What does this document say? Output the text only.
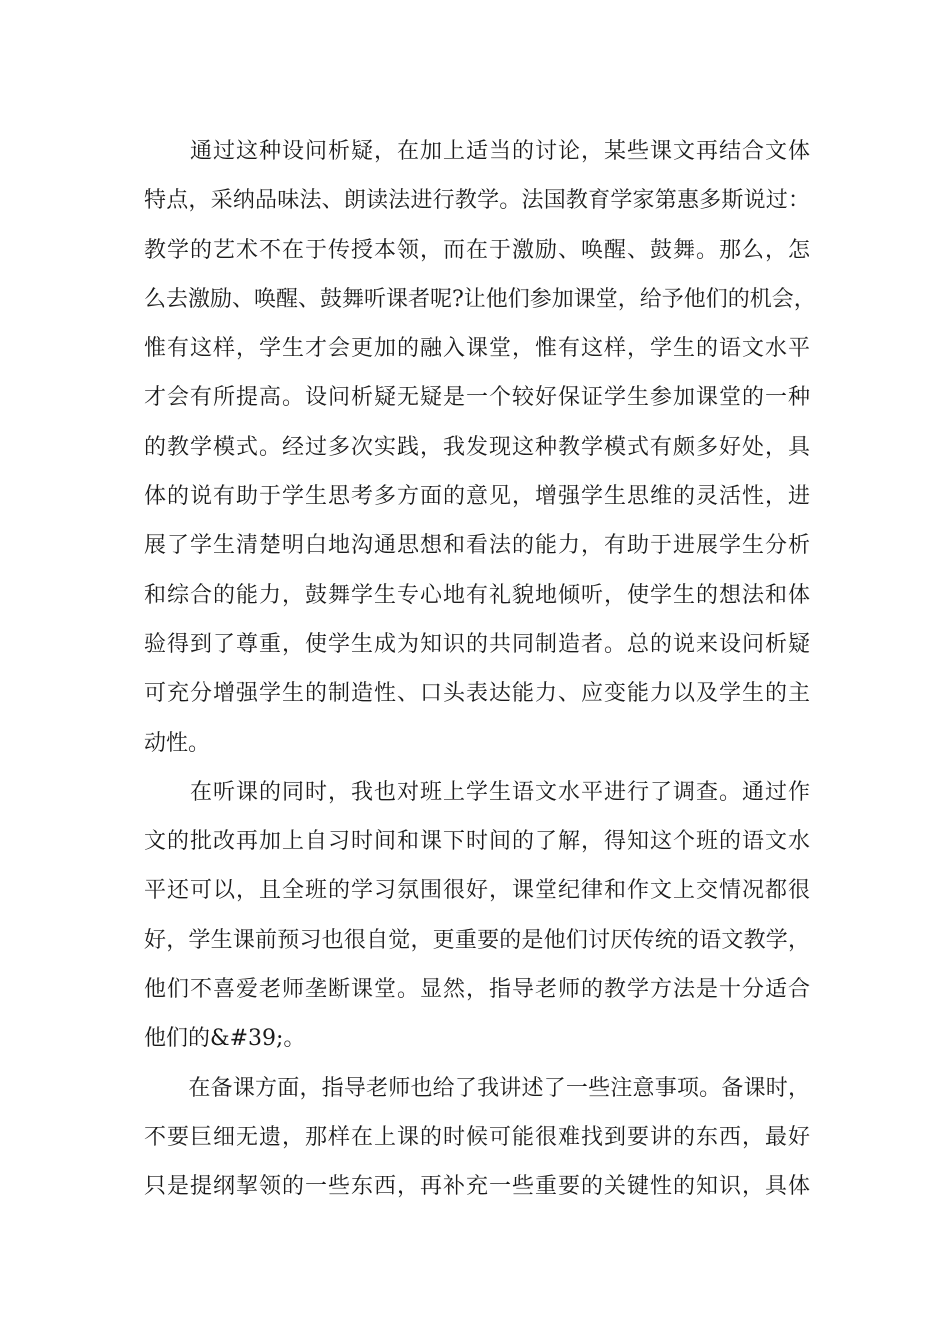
　　通过这种设问析疑，在加上适当的讨论，某些课文再结合文体
特点，采纳品味法、朗读法进行教学。法国教育学家第惠多斯说过：
教学的艺术不在于传授本领，而在于激励、唤醒、鼓舞。那么，怎
么去激励、唤醒、鼓舞听课者呢?让他们参加课堂，给予他们的机会，
惟有这样，学生才会更加的融入课堂，惟有这样，学生的语文水平
才会有所提高。设问析疑无疑是一个较好保证学生参加课堂的一种
的教学模式。经过多次实践，我发现这种教学模式有颇多好处，具
体的说有助于学生思考多方面的意见，增强学生思维的灵活性，进
展了学生清楚明白地沟通思想和看法的能力，有助于进展学生分析
和综合的能力，鼓舞学生专心地有礼貌地倾听，使学生的想法和体
验得到了尊重，使学生成为知识的共同制造者。总的说来设问析疑
可充分增强学生的制造性、口头表达能力、应变能力以及学生的主
动性。
　　在听课的同时，我也对班上学生语文水平进行了调查。通过作
文的批改再加上自习时间和课下时间的了解，得知这个班的语文水
平还可以，且全班的学习氛围很好，课堂纪律和作文上交情况都很
好，学生课前预习也很自觉，更重要的是他们讨厌传统的语文教学，
他们不喜爱老师垄断课堂。显然，指导老师的教学方法是十分适合
他们的&#39;。
　　在备课方面，指导老师也给了我讲述了一些注意事项。备课时，
不要巨细无遗，那样在上课的时候可能很难找到要讲的东西，最好
只是提纲挈领的一些东西，再补充一些重要的关键性的知识，具体
